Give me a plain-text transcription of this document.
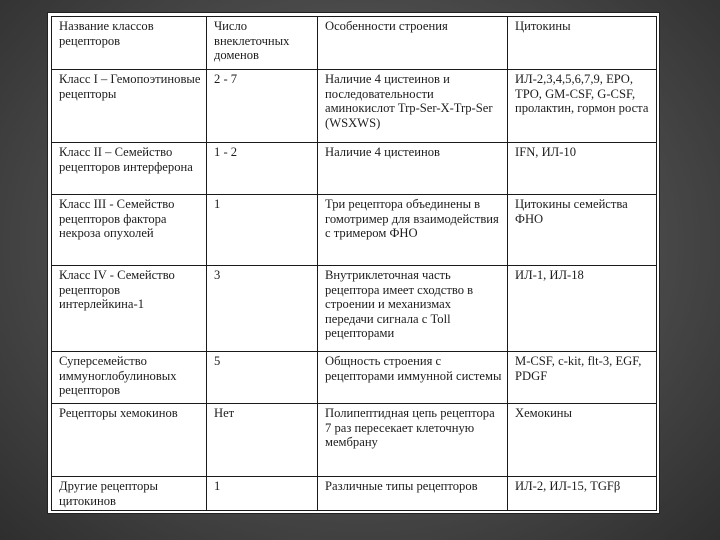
Название классов рецепторов	Число внеклеточных доменов	Особенности строения	Цитокины
Класс I – Гемопоэтиновые рецепторы	2 - 7	Наличие 4 цистеинов и последовательности аминокислот Trp-Ser-X-Trp-Ser (WSXWS)	ИЛ-2,3,4,5,6,7,9, EPO, TPO, GM-CSF, G-CSF, пролактин, гормон роста
Класс II – Семейство рецепторов интерферона	1 - 2	Наличие 4 цистеинов	IFN, ИЛ-10
Класс III - Семейство рецепторов фактора некроза опухолей	1	Три рецептора объединены в гомотример для взаимодействия с тримером ФНО	Цитокины семейства ФНО
Класс IV - Семейство рецепторов интерлейкина-1	3	Внутриклеточная часть рецептора имеет сходство в строении и механизмах передачи сигнала с Toll рецепторами	ИЛ-1, ИЛ-18
Суперсемейство иммуноглобулиновых рецепторов	5	Общность строения с рецепторами иммунной системы	M-CSF, c-kit, flt-3, EGF, PDGF
Рецепторы хемокинов	Нет	Полипептидная цепь рецептора 7 раз пересекает клеточную мембрану	Хемокины
Другие рецепторы цитокинов	1	Различные типы рецепторов	ИЛ-2, ИЛ-15, TGFβ
